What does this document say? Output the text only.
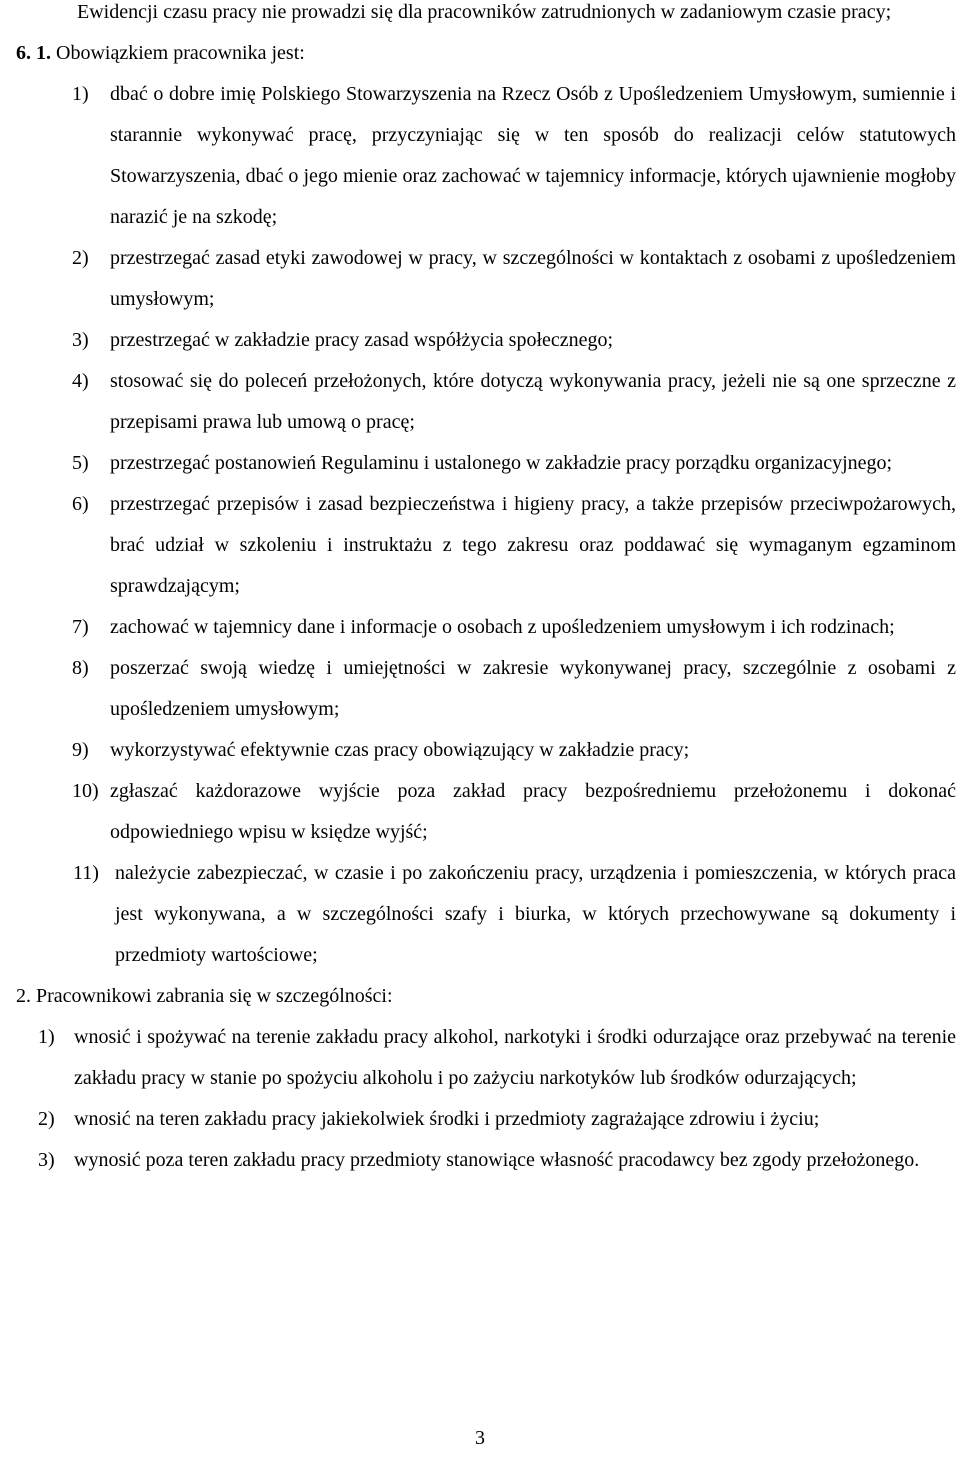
Ewidencji czasu pracy nie prowadzi się dla pracowników zatrudnionych w zadaniowym czasie pracy;
6. 1. Obowiązkiem pracownika jest:
1) dbać o dobre imię Polskiego Stowarzyszenia na Rzecz Osób z Upośledzeniem Umysłowym, sumiennie i starannie wykonywać pracę, przyczyniając się w ten sposób do realizacji celów statutowych Stowarzyszenia, dbać o jego mienie oraz zachować w tajemnicy informacje, których ujawnienie mogłoby narazić je na szkodę;
2) przestrzegać zasad etyki zawodowej w pracy, w szczególności w kontaktach z osobami z upośledzeniem umysłowym;
3) przestrzegać w zakładzie pracy zasad współżycia społecznego;
4) stosować się do poleceń przełożonych, które dotyczą wykonywania pracy, jeżeli nie są one sprzeczne z przepisami prawa lub umową o pracę;
5) przestrzegać postanowień Regulaminu i ustalonego w zakładzie pracy porządku organizacyjnego;
6) przestrzegać przepisów i zasad bezpieczeństwa i higieny pracy, a także przepisów przeciwpożarowych, brać udział w szkoleniu i instruktażu z tego zakresu oraz poddawać się wymaganym egzaminom sprawdzającym;
7) zachować w tajemnicy dane i informacje o osobach z upośledzeniem umysłowym i ich rodzinach;
8) poszerzać swoją wiedzę i umiejętności w zakresie wykonywanej pracy, szczególnie z osobami z upośledzeniem umysłowym;
9) wykorzystywać efektywnie czas pracy obowiązujący w zakładzie pracy;
10) zgłaszać każdorazowe wyjście poza zakład pracy bezpośredniemu przełożonemu i dokonać odpowiedniego wpisu w księdze wyjść;
11) należycie zabezpieczać, w czasie i po zakończeniu pracy, urządzenia i pomieszczenia, w których praca jest wykonywana, a w szczególności szafy i biurka, w których przechowywane są dokumenty i przedmioty wartościowe;
2. Pracownikowi zabrania się w szczególności:
1) wnosić i spożywać na terenie zakładu pracy alkohol, narkotyki i środki odurzające oraz przebywać na terenie zakładu pracy w stanie po spożyciu alkoholu i po zażyciu narkotyków lub środków odurzających;
2) wnosić na teren zakładu pracy jakiekolwiek środki i przedmioty zagrażające zdrowiu i życiu;
3) wynosić poza teren zakładu pracy przedmioty stanowiące własność pracodawcy bez zgody przełożonego.
3
